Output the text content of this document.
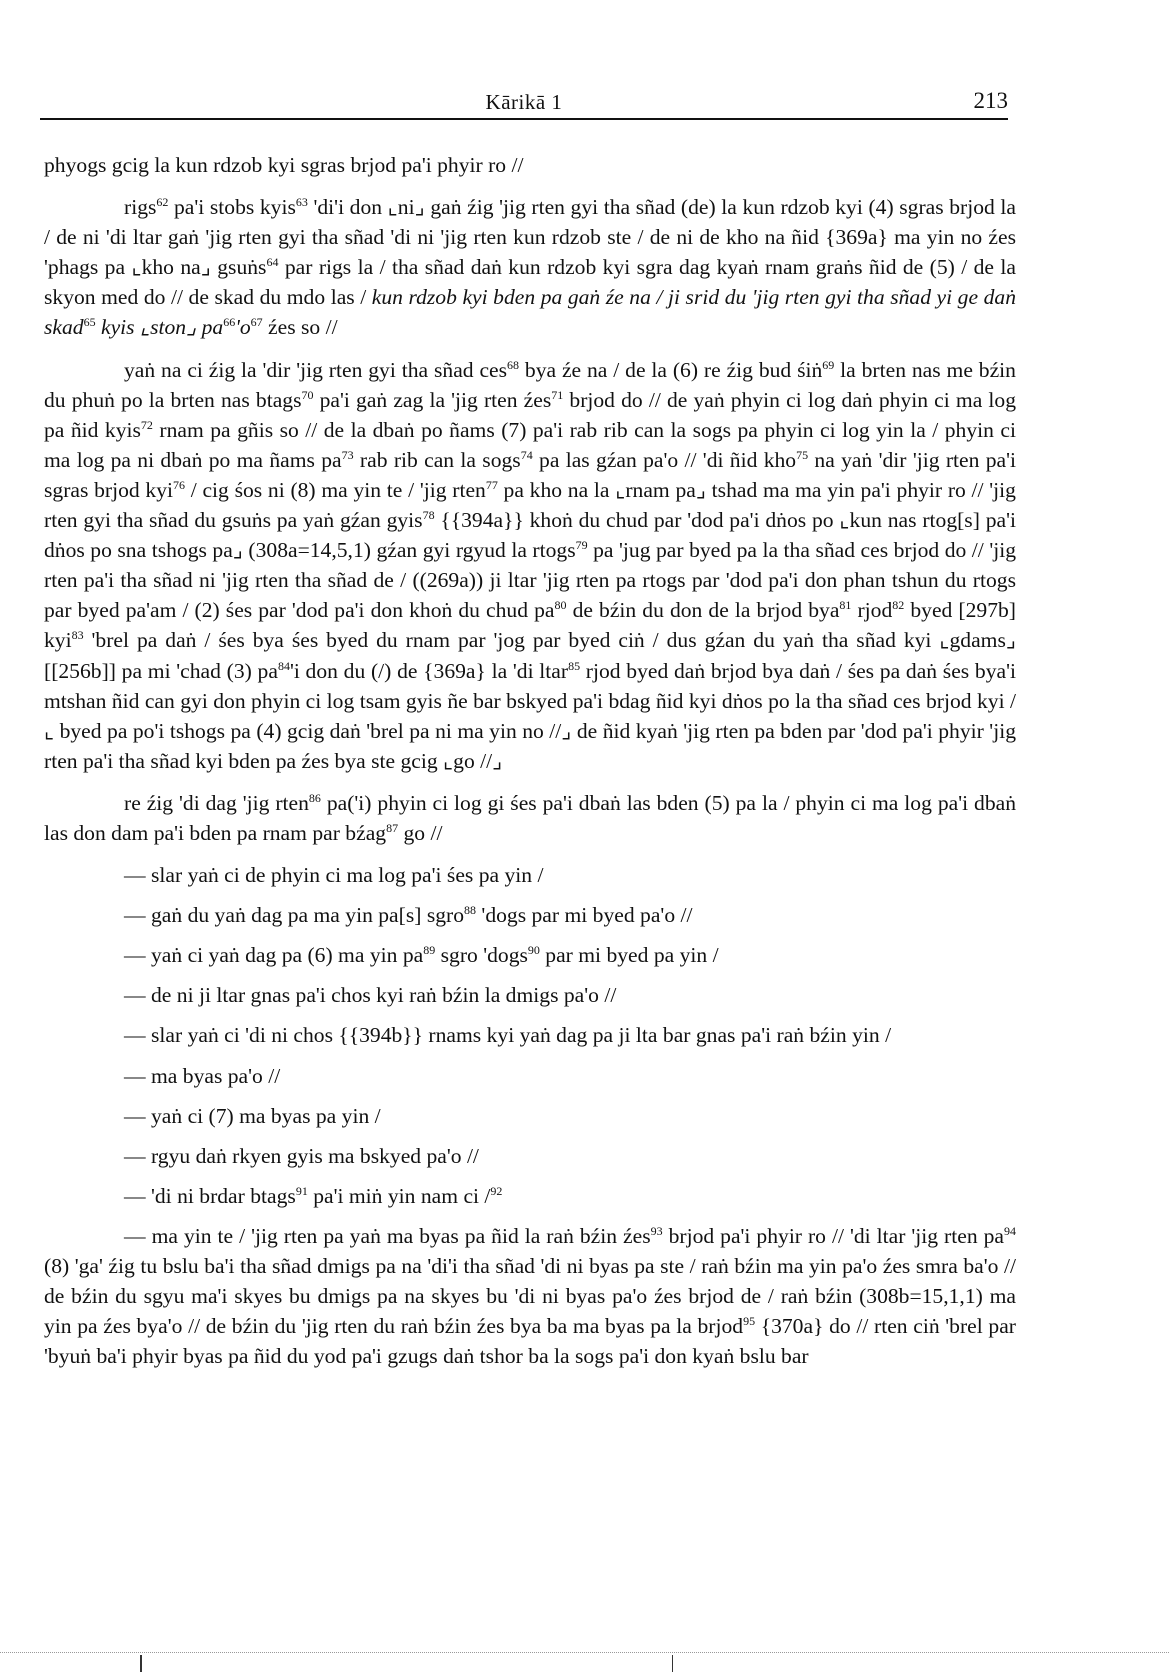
Kārikā 1	213

phyogs gcig la kun rdzob kyi sgras brjod pa'i phyir ro //

rigs$^{62}$ pa'i stobs kyis$^{63}$ 'di'i don ⌞ni⌟ gaṅ źig 'jig rten gyi tha sñad (de) la kun rdzob kyi (4) sgras brjod la / de ni 'di ltar gaṅ 'jig rten gyi tha sñad 'di ni 'jig rten kun rdzob ste / de ni de kho na ñid {369a} ma yin no źes 'phags pa ⌞kho na⌟ gsuṅs$^{64}$ par rigs la / tha sñad daṅ kun rdzob kyi sgra dag kyaṅ rnam graṅs ñid de (5) / de la skyon med do // de skad du mdo las / kun rdzob kyi bden pa gaṅ źe na / ji srid du 'jig rten gyi tha sñad yi ge daṅ skad$^{65}$ kyis ⌞ston⌟ $pa^{66}'o^{67}$ źes so //

yaṅ na ci źig la 'dir 'jig rten gyi tha sñad ces$^{68}$ bya źe na / de la (6) re źig bud śiṅ$^{69}$ la brten nas me bźin du phuṅ po la brten nas btags$^{70}$ pa'i gaṅ zag la 'jig rten źes$^{71}$ brjod do // de yaṅ phyin ci log daṅ phyin ci ma log pa ñid kyis$^{72}$ rnam pa gñis so // de la dbaṅ po ñams (7) pa'i rab rib can la sogs pa phyin ci log yin la / phyin ci ma log pa ni dbaṅ po ma ñams $pa^{73}$ rab rib can la sogs$^{74}$ pa las gźan pa'o // 'di ñid kho$^{75}$ na yaṅ 'dir 'jig rten pa'i sgras brjod kyi$^{76}$ / cig śos ni (8) ma yin te / 'jig rten$^{77}$ pa kho na la ⌞rnam pa⌟ tshad ma ma yin pa'i phyir ro // 'jig rten gyi tha sñad du gsuṅs pa yaṅ gźan gyis$^{78}$ {{394a}} khoṅ du chud par 'dod pa'i dṅos po ⌞kun nas rtog[s] pa'i dṅos po sna tshogs pa⌟ (308a=14,5,1) gźan gyi rgyud la rtogs$^{79}$ pa 'jug par byed pa la tha sñad ces brjod do // 'jig rten pa'i tha sñad ni 'jig rten tha sñad de / ((269a)) ji ltar 'jig rten pa rtogs par 'dod pa'i don phan tshun du rtogs par byed pa'am / (2) śes par 'dod pa'i don khoṅ du chud $pa^{80}$ de bźin du don de la brjod bya$^{81}$ rjod$^{82}$ byed [297b] kyi$^{83}$ 'brel pa daṅ / śes bya śes byed du rnam par 'jog par byed ciṅ / dus gźan du yaṅ tha sñad kyi ⌞gdams⌟ [[256b]] pa mi 'chad (3) $pa^{84}'i$ don du (/) de {369a} la 'di ltar$^{85}$ rjod byed daṅ brjod bya daṅ / śes pa daṅ śes bya'i mtshan ñid can gyi don phyin ci log tsam gyis ñe bar bskyed pa'i bdag ñid kyi dṅos po la tha sñad ces brjod kyi /⌞ byed pa po'i tshogs pa (4) gcig daṅ 'brel pa ni ma yin no //⌟ de ñid kyaṅ 'jig rten pa bden par 'dod pa'i phyir 'jig rten pa'i tha sñad kyi bden pa źes bya ste gcig ⌞go //⌟

re źig 'di dag 'jig rten$^{86}$ pa('i) phyin ci log gi śes pa'i dbaṅ las bden (5) pa la / phyin ci ma log pa'i dbaṅ las don dam pa'i bden pa rnam par bźag$^{87}$ go //

— slar yaṅ ci de phyin ci ma log pa'i śes pa yin /

— gaṅ du yaṅ dag pa ma yin pa[s] sgro$^{88}$ 'dogs par mi byed pa'o //

— yaṅ ci yaṅ dag pa (6) ma yin $pa^{89}$ sgro 'dogs$^{90}$ par mi byed pa yin /

— de ni ji ltar gnas pa'i chos kyi raṅ bźin la dmigs pa'o //

— slar yaṅ ci 'di ni chos {{394b}} rnams kyi yaṅ dag pa ji lta bar gnas pa'i raṅ bźin yin /

— ma byas pa'o //

— yaṅ ci (7) ma byas pa yin /

— rgyu daṅ rkyen gyis ma bskyed pa'o //

— 'di ni brdar btags$^{91}$ pa'i miṅ yin nam ci /$^{92}$

— ma yin te / 'jig rten pa yaṅ ma byas pa ñid la raṅ bźin źes$^{93}$ brjod pa'i phyir ro // 'di ltar 'jig rten $pa^{94}$ (8) 'ga' źig tu bslu ba'i tha sñad dmigs pa na 'di'i tha sñad 'di ni byas pa ste / raṅ bźin ma yin pa'o źes smra ba'o // de bźin du sgyu ma'i skyes bu dmigs pa na skyes bu 'di ni byas pa'o źes brjod de / raṅ bźin (308b=15,1,1) ma yin pa źes bya'o // de bźin du 'jig rten du raṅ bźin źes bya ba ma byas pa la brjod$^{95}$ {370a} do // rten ciṅ 'brel par 'byuṅ ba'i phyir byas pa ñid du yod pa'i gzugs daṅ tshor ba la sogs pa'i don kyaṅ bslu bar
